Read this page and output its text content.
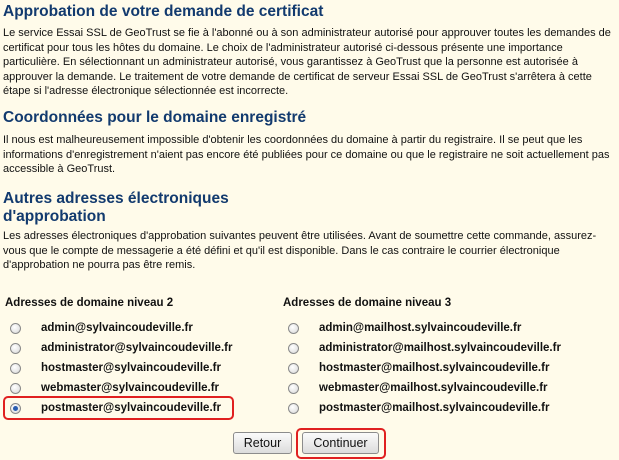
Approbation de votre demande de certificat

Le service Essai SSL de GeoTrust se fie à l'abonné ou à son administrateur autorisé pour approuver toutes les demandes de certificat pour tous les hôtes du domaine. Le choix de l'administrateur autorisé ci-dessous présente une importance particulière. En sélectionnant un administrateur autorisé, vous garantissez à GeoTrust que la personne est autorisée à approuver la demande. Le traitement de votre demande de certificat de serveur Essai SSL de GeoTrust s'arrêtera à cette étape si l'adresse électronique sélectionnée est incorrecte.

Coordonnées pour le domaine enregistré

Il nous est malheureusement impossible d'obtenir les coordonnées du domaine à partir du registraire. Il se peut que les informations d'enregistrement n'aient pas encore été publiées pour ce domaine ou que le registraire ne soit actuellement pas accessible à GeoTrust.

Autres adresses électroniques d'approbation

Les adresses électroniques d'approbation suivantes peuvent être utilisées. Avant de soumettre cette commande, assurez-vous que le compte de messagerie a été défini et qu'il est disponible. Dans le cas contraire le courrier électronique d'approbation ne pourra pas être remis.

Adresses de domaine niveau 2
admin@sylvaincoudeville.fr
administrator@sylvaincoudeville.fr
hostmaster@sylvaincoudeville.fr
webmaster@sylvaincoudeville.fr
postmaster@sylvaincoudeville.fr
Adresses de domaine niveau 3
admin@mailhost.sylvaincoudeville.fr
administrator@mailhost.sylvaincoudeville.fr
hostmaster@mailhost.sylvaincoudeville.fr
webmaster@mailhost.sylvaincoudeville.fr
postmaster@mailhost.sylvaincoudeville.fr
Retour	Continuer
